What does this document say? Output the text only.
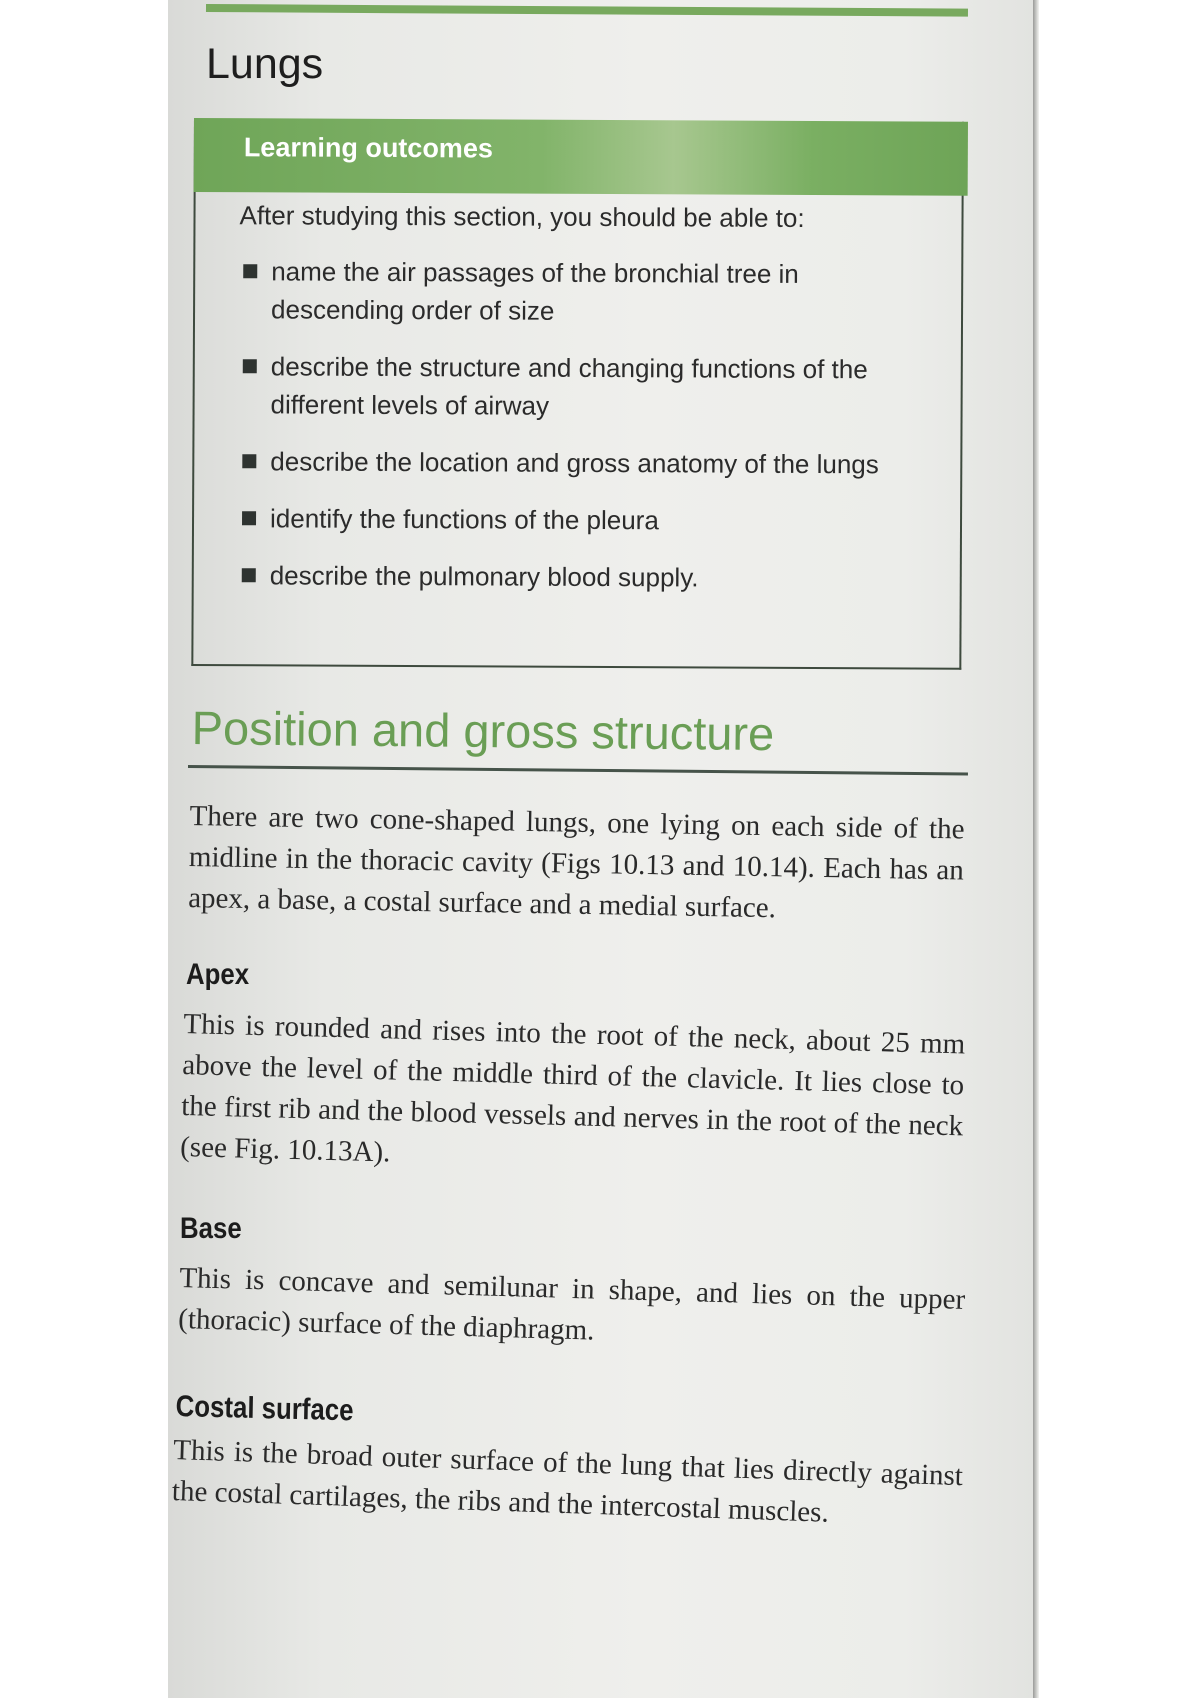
Lungs
Learning outcomes
After studying this section, you should be able to:
name the air passages of the bronchial tree in descending order of size
describe the structure and changing functions of the different levels of airway
describe the location and gross anatomy of the lungs
identify the functions of the pleura
describe the pulmonary blood supply.
Position and gross structure

There are two cone-shaped lungs, one lying on each side of the midline in the thoracic cavity (Figs 10.13 and 10.14). Each has an apex, a base, a costal surface and a medial surface.

Apex

This is rounded and rises into the root of the neck, about 25 mm above the level of the middle third of the clavicle. It lies close to the first rib and the blood vessels and nerves in the root of the neck (see Fig. 10.13A).

Base

This is concave and semilunar in shape, and lies on the upper (thoracic) surface of the diaphragm.

Costal surface

This is the broad outer surface of the lung that lies directly against the costal cartilages, the ribs and the intercostal muscles.
